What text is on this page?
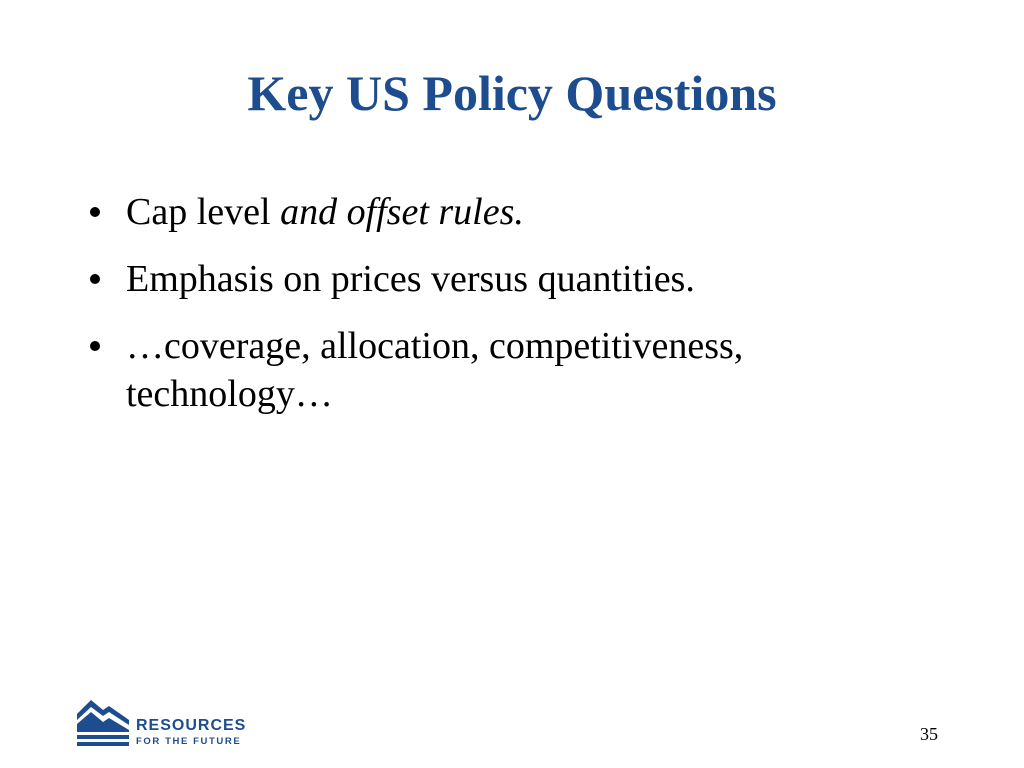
Key US Policy Questions
Cap level and offset rules.
Emphasis on prices versus quantities.
…coverage, allocation, competitiveness, technology…
RESOURCES
FOR THE FUTURE	35
